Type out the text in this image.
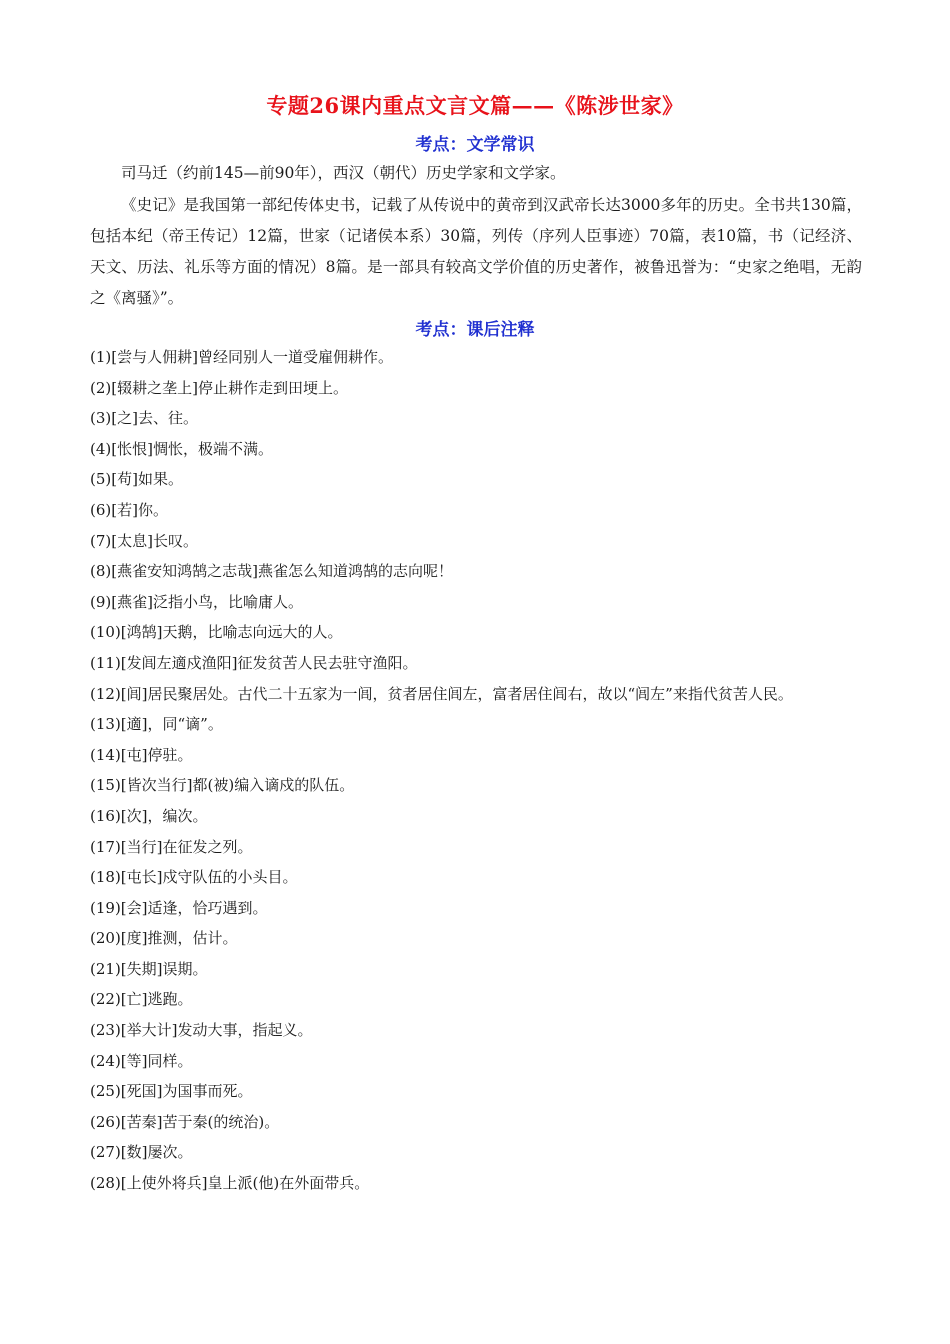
专题26课内重点文言文篇——《陈涉世家》
考点：文学常识
司马迁（约前145—前90年），西汉（朝代）历史学家和文学家。
《史记》是我国第一部纪传体史书，记载了从传说中的黄帝到汉武帝长达3000多年的历史。全书共130篇，包括本纪（帝王传记）12篇，世家（记诸侯本系）30篇，列传（序列人臣事迹）70篇，表10篇，书（记经济、天文、历法、礼乐等方面的情况）8篇。是一部具有较高文学价值的历史著作，被鲁迅誉为：“史家之绝唱，无韵之《离骚》”。
考点：课后注释
(1)[尝与人佣耕]曾经同别人一道受雇佣耕作。
(2)[辍耕之垄上]停止耕作走到田埂上。
(3)[之]去、往。
(4)[怅恨]惆怅，极端不满。
(5)[苟]如果。
(6)[若]你。
(7)[太息]长叹。
(8)[燕雀安知鸿鹄之志哉]燕雀怎么知道鸿鹄的志向呢！
(9)[燕雀]泛指小鸟，比喻庸人。
(10)[鸿鹄]天鹅，比喻志向远大的人。
(11)[发闾左適戍渔阳]征发贫苦人民去驻守渔阳。
(12)[闾]居民聚居处。古代二十五家为一闾，贫者居住闾左，富者居住闾右，故以“闾左”来指代贫苦人民。
(13)[適]，同“谪”。
(14)[屯]停驻。
(15)[皆次当行]都(被)编入谪戍的队伍。
(16)[次]，编次。
(17)[当行]在征发之列。
(18)[屯长]戍守队伍的小头目。
(19)[会]适逢，恰巧遇到。
(20)[度]推测，估计。
(21)[失期]误期。
(22)[亡]逃跑。
(23)[举大计]发动大事，指起义。
(24)[等]同样。
(25)[死国]为国事而死。
(26)[苦秦]苦于秦(的统治)。
(27)[数]屡次。
(28)[上使外将兵]皇上派(他)在外面带兵。
